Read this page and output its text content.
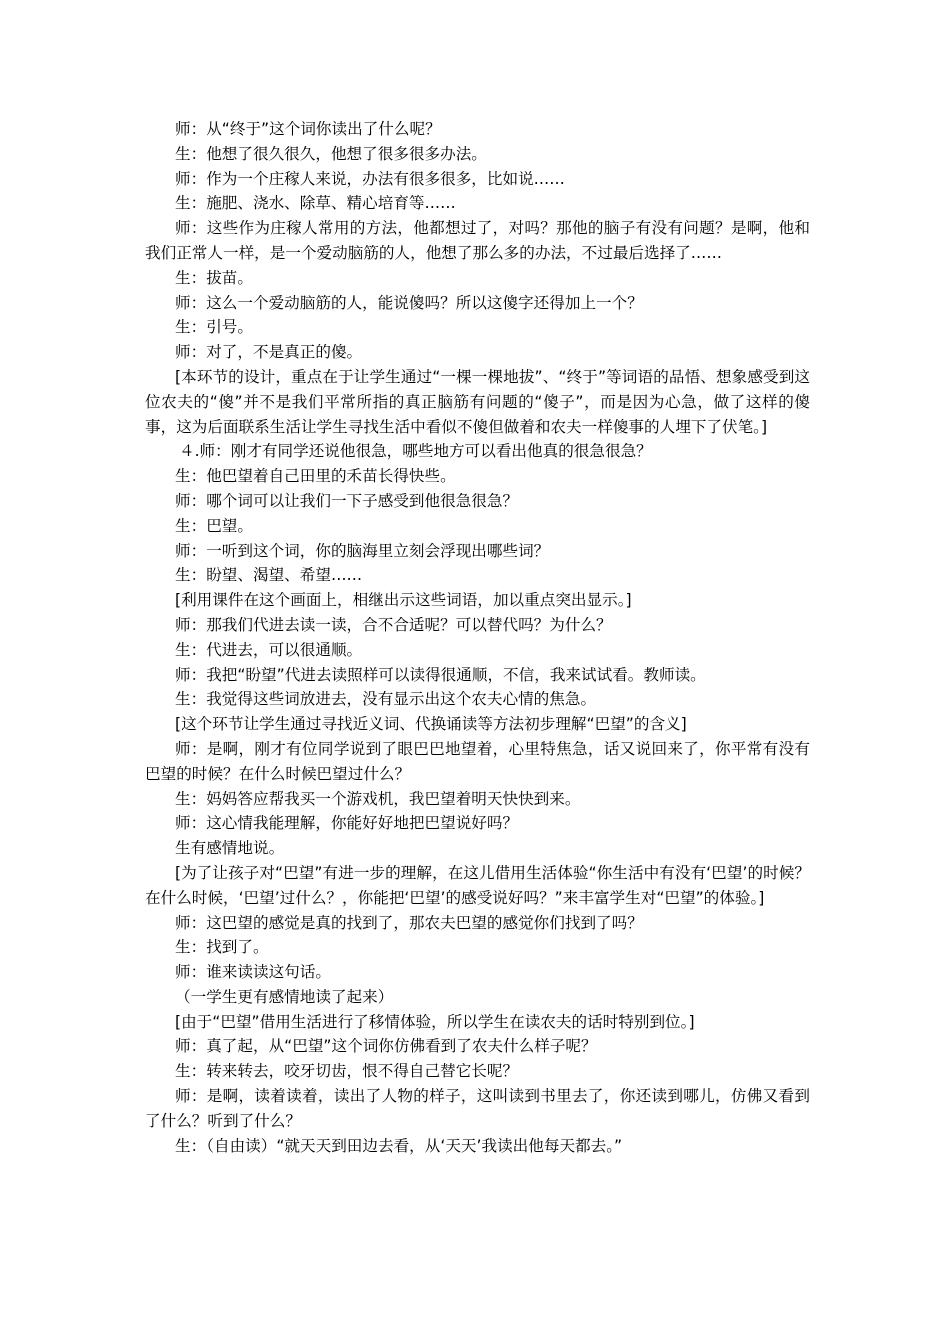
师：从“终于”这个词你读出了什么呢？

生：他想了很久很久，他想了很多很多办法。

师：作为一个庄稼人来说，办法有很多很多，比如说……

生：施肥、浇水、除草、精心培育等……

师：这些作为庄稼人常用的方法，他都想过了，对吗？那他的脑子有没有问题？是啊，他和我们正常人一样，是一个爱动脑筋的人，他想了那么多的办法，不过最后选择了……

生：拔苗。

师：这么一个爱动脑筋的人，能说傻吗？所以这傻字还得加上一个？

生：引号。

师：对了，不是真正的傻。

[本环节的设计，重点在于让学生通过“一棵一棵地拔”、“终于”等词语的品悟、想象感受到这位农夫的“傻”并不是我们平常所指的真正脑筋有问题的“傻子”，而是因为心急，做了这样的傻事，这为后面联系生活让学生寻找生活中看似不傻但做着和农夫一样傻事的人埋下了伏笔。]

４.师：刚才有同学还说他很急，哪些地方可以看出他真的很急很急？

生：他巴望着自己田里的禾苗长得快些。

师：哪个词可以让我们一下子感受到他很急很急？

生：巴望。

师：一听到这个词，你的脑海里立刻会浮现出哪些词？

生：盼望、渴望、希望……

[利用课件在这个画面上，相继出示这些词语，加以重点突出显示。]

师：那我们代进去读一读，合不合适呢？可以替代吗？为什么？

生：代进去，可以很通顺。

师：我把“盼望”代进去读照样可以读得很通顺，不信，我来试试看。教师读。

生：我觉得这些词放进去，没有显示出这个农夫心情的焦急。

[这个环节让学生通过寻找近义词、代换诵读等方法初步理解“巴望”的含义]

师：是啊，刚才有位同学说到了眼巴巴地望着，心里特焦急，话又说回来了，你平常有没有巴望的时候？在什么时候巴望过什么？

生：妈妈答应帮我买一个游戏机，我巴望着明天快快到来。

师：这心情我能理解，你能好好地把巴望说好吗？

生有感情地说。

[为了让孩子对“巴望”有进一步的理解，在这儿借用生活体验“你生活中有没有‘巴望’的时候？在什么时候，‘巴望’过什么？，你能把‘巴望’的感受说好吗？”来丰富学生对“巴望”的体验。]

师：这巴望的感觉是真的找到了，那农夫巴望的感觉你们找到了吗？

生：找到了。

师：谁来读读这句话。

（一学生更有感情地读了起来）

[由于“巴望”借用生活进行了移情体验，所以学生在读农夫的话时特别到位。]

师：真了起，从“巴望”这个词你仿佛看到了农夫什么样子呢？

生：转来转去，咬牙切齿，恨不得自己替它长呢？

师：是啊，读着读着，读出了人物的样子，这叫读到书里去了，你还读到哪儿，仿佛又看到了什么？听到了什么？

生：（自由读）“就天天到田边去看，从‘天天’我读出他每天都去。”
